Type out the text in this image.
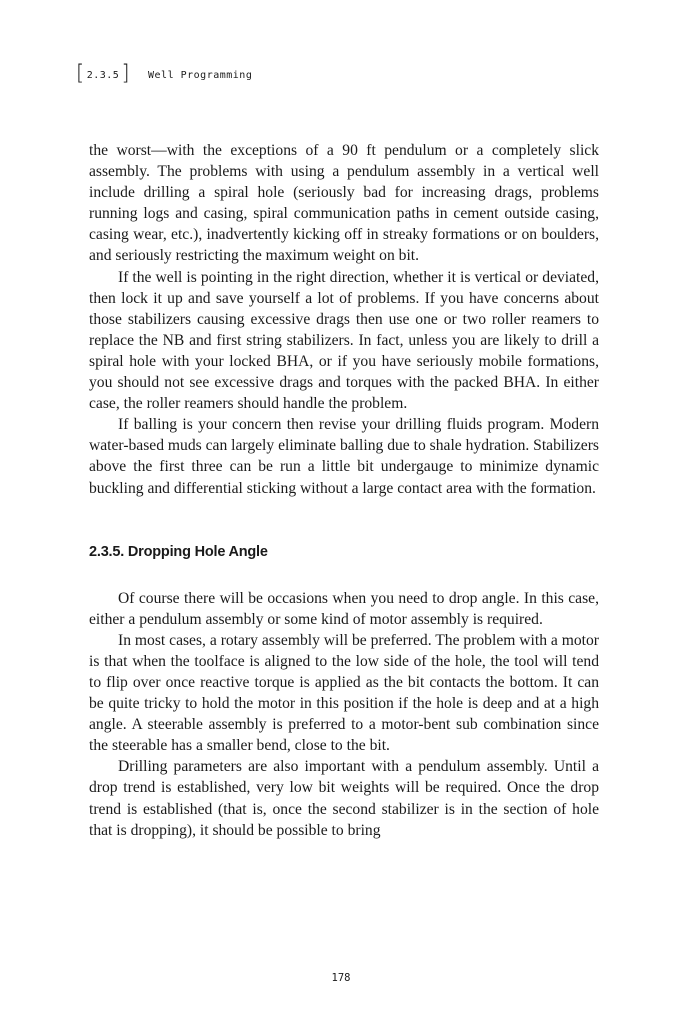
[ 2.3.5 ] Well Programming

the worst—with the exceptions of a 90 ft pendulum or a completely slick assembly. The problems with using a pendulum assembly in a vertical well include drilling a spiral hole (seriously bad for increasing drags, problems running logs and casing, spiral communication paths in cement outside casing, casing wear, etc.), inadvertently kicking off in streaky formations or on boulders, and seriously restricting the maximum weight on bit.

If the well is pointing in the right direction, whether it is vertical or deviated, then lock it up and save yourself a lot of problems. If you have concerns about those stabilizers causing excessive drags then use one or two roller reamers to replace the NB and first string stabilizers. In fact, unless you are likely to drill a spiral hole with your locked BHA, or if you have seriously mobile formations, you should not see excessive drags and torques with the packed BHA. In either case, the roller reamers should handle the problem.

If balling is your concern then revise your drilling fluids program. Modern water-based muds can largely eliminate balling due to shale hydration. Stabilizers above the first three can be run a little bit undergauge to minimize dynamic buckling and differential sticking without a large contact area with the formation.

2.3.5. Dropping Hole Angle

Of course there will be occasions when you need to drop angle. In this case, either a pendulum assembly or some kind of motor assembly is required.

In most cases, a rotary assembly will be preferred. The problem with a motor is that when the toolface is aligned to the low side of the hole, the tool will tend to flip over once reactive torque is applied as the bit contacts the bottom. It can be quite tricky to hold the motor in this position if the hole is deep and at a high angle. A steerable assembly is preferred to a motor-bent sub combination since the steerable has a smaller bend, close to the bit.

Drilling parameters are also important with a pendulum assembly. Until a drop trend is established, very low bit weights will be required. Once the drop trend is established (that is, once the second stabilizer is in the section of hole that is dropping), it should be possible to bring

178
